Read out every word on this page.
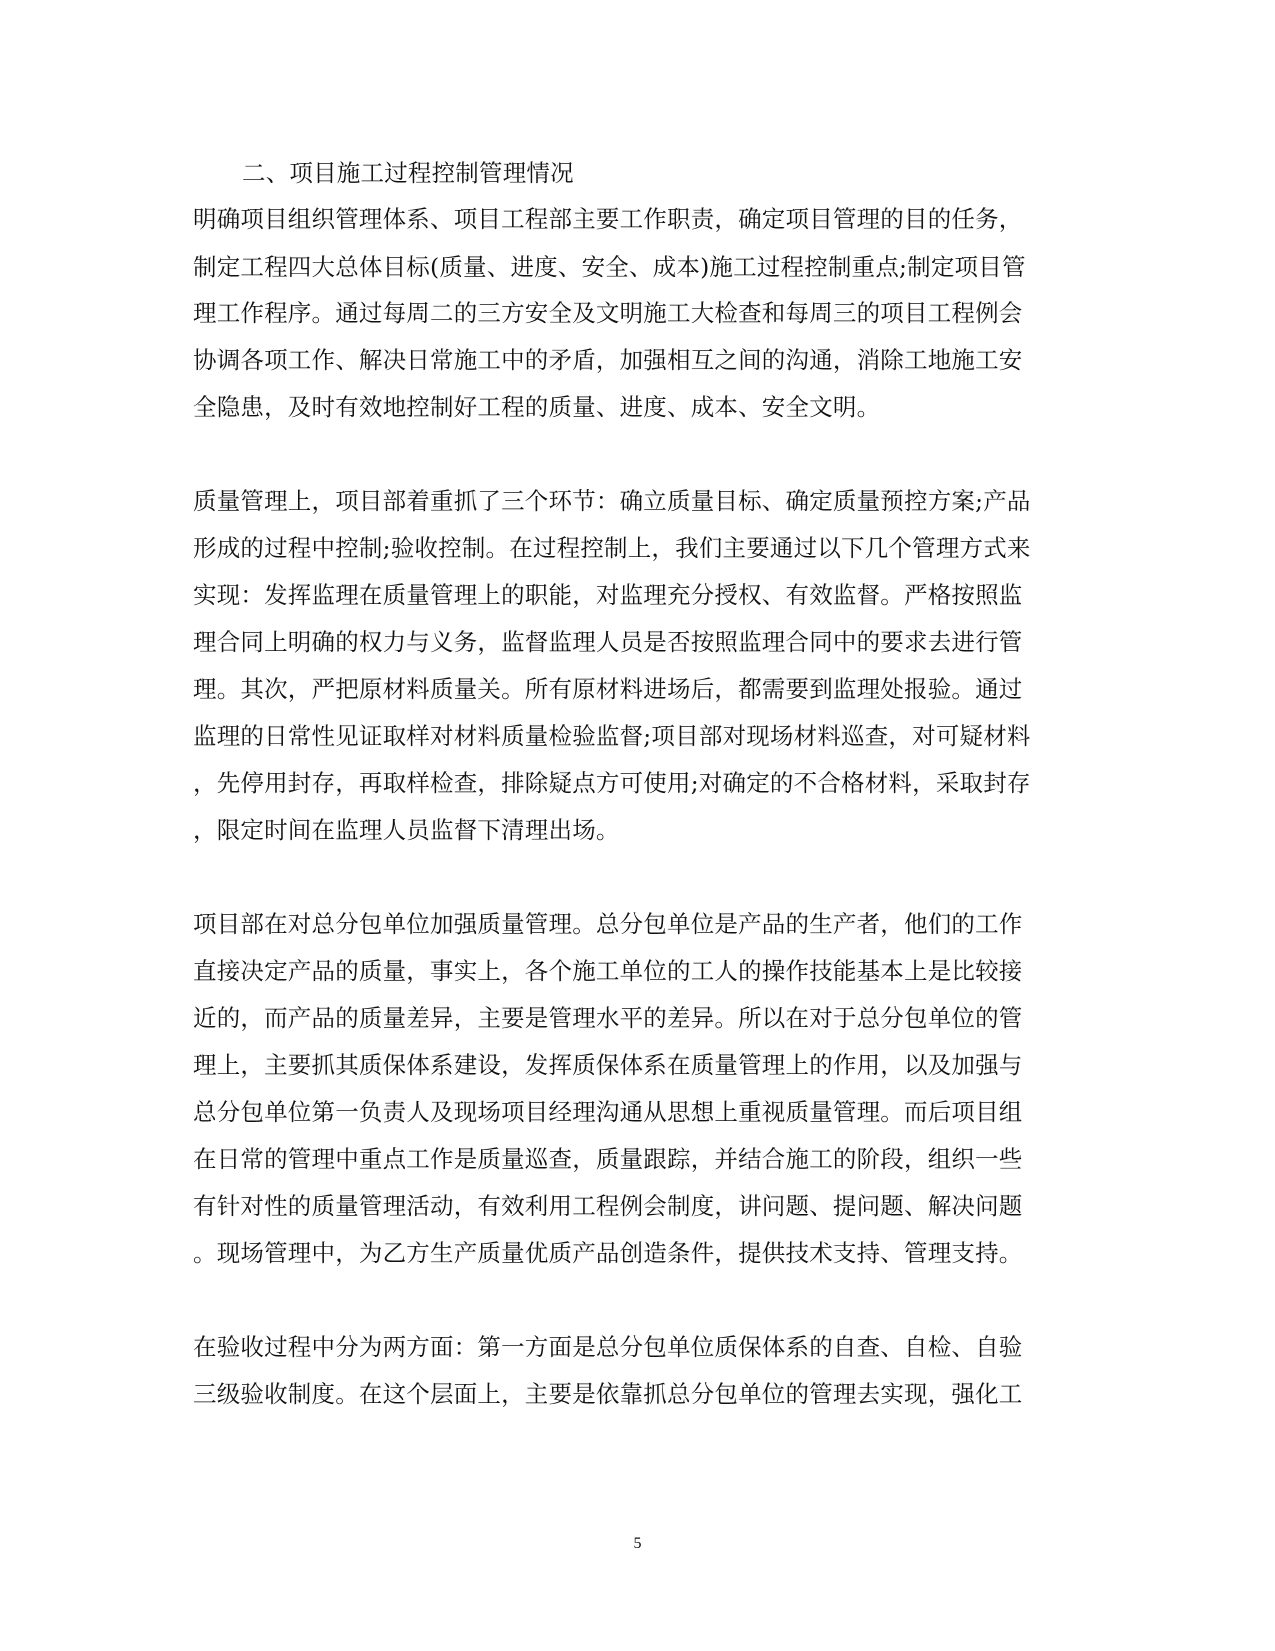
二、项目施工过程控制管理情况
明确项目组织管理体系、项目工程部主要工作职责，确定项目管理的目的任务，
制定工程四大总体目标(质量、进度、安全、成本)施工过程控制重点;制定项目管
理工作程序。通过每周二的三方安全及文明施工大检查和每周三的项目工程例会
协调各项工作、解决日常施工中的矛盾，加强相互之间的沟通，消除工地施工安
全隐患，及时有效地控制好工程的质量、进度、成本、安全文明。
质量管理上，项目部着重抓了三个环节：确立质量目标、确定质量预控方案;产品
形成的过程中控制;验收控制。在过程控制上，我们主要通过以下几个管理方式来
实现：发挥监理在质量管理上的职能，对监理充分授权、有效监督。严格按照监
理合同上明确的权力与义务，监督监理人员是否按照监理合同中的要求去进行管
理。其次，严把原材料质量关。所有原材料进场后，都需要到监理处报验。通过
监理的日常性见证取样对材料质量检验监督;项目部对现场材料巡查，对可疑材料
，先停用封存，再取样检查，排除疑点方可使用;对确定的不合格材料，采取封存
，限定时间在监理人员监督下清理出场。
项目部在对总分包单位加强质量管理。总分包单位是产品的生产者，他们的工作
直接决定产品的质量，事实上，各个施工单位的工人的操作技能基本上是比较接
近的，而产品的质量差异，主要是管理水平的差异。所以在对于总分包单位的管
理上，主要抓其质保体系建设，发挥质保体系在质量管理上的作用，以及加强与
总分包单位第一负责人及现场项目经理沟通从思想上重视质量管理。而后项目组
在日常的管理中重点工作是质量巡查，质量跟踪，并结合施工的阶段，组织一些
有针对性的质量管理活动，有效利用工程例会制度，讲问题、提问题、解决问题
。现场管理中，为乙方生产质量优质产品创造条件，提供技术支持、管理支持。
在验收过程中分为两方面：第一方面是总分包单位质保体系的自查、自检、自验
三级验收制度。在这个层面上，主要是依靠抓总分包单位的管理去实现，强化工
5
